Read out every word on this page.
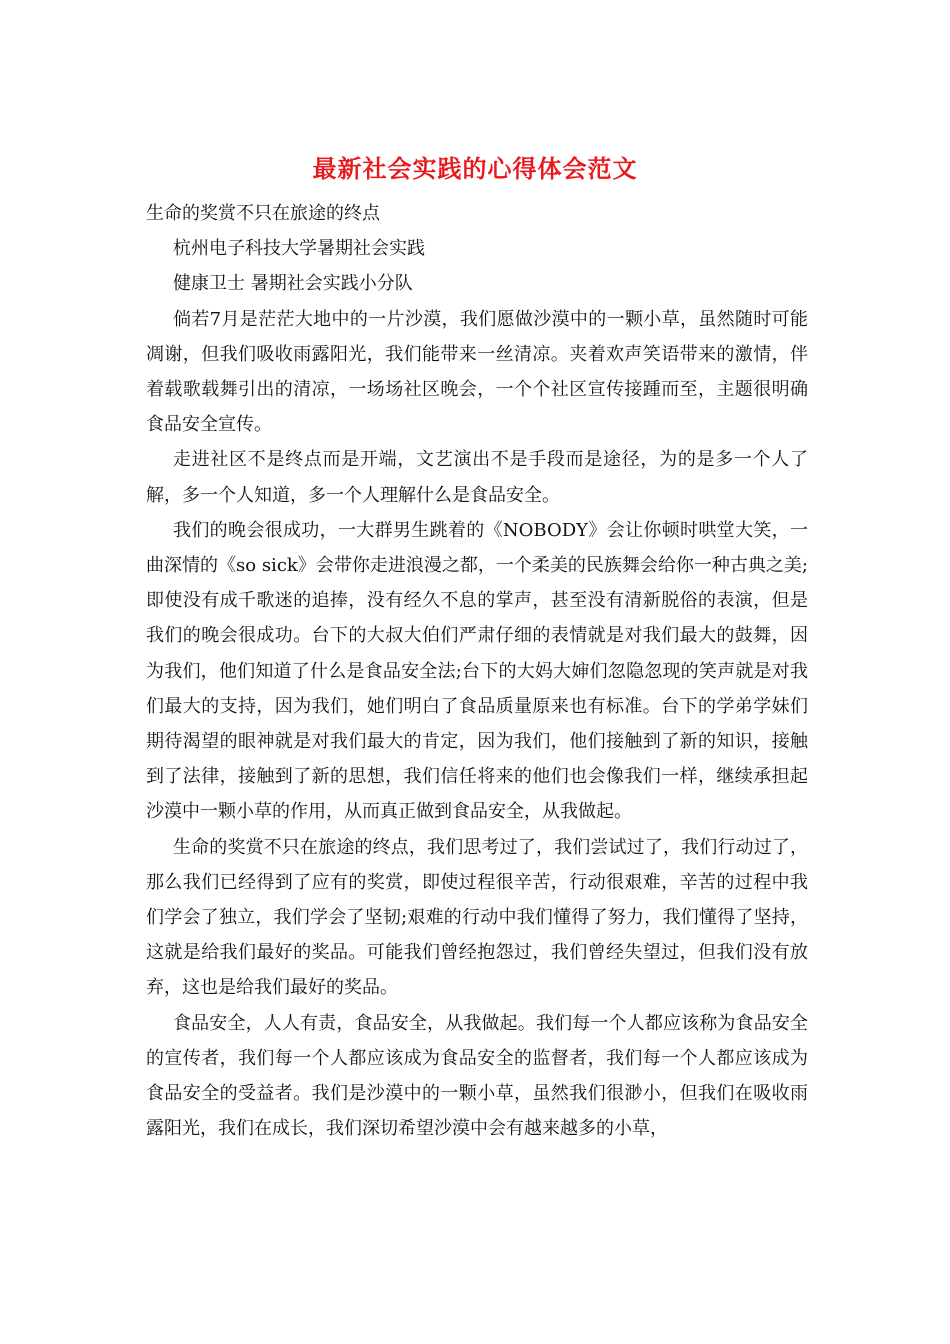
最新社会实践的心得体会范文

生命的奖赏不只在旅途的终点

杭州电子科技大学暑期社会实践

健康卫士 暑期社会实践小分队

倘若7月是茫茫大地中的一片沙漠，我们愿做沙漠中的一颗小草，虽然随时可能凋谢，但我们吸收雨露阳光，我们能带来一丝清凉。夹着欢声笑语带来的激情，伴着载歌载舞引出的清凉，一场场社区晚会，一个个社区宣传接踵而至，主题很明确食品安全宣传。

走进社区不是终点而是开端，文艺演出不是手段而是途径，为的是多一个人了解，多一个人知道，多一个人理解什么是食品安全。

我们的晚会很成功，一大群男生跳着的《NOBODY》会让你顿时哄堂大笑，一曲深情的《so sick》会带你走进浪漫之都，一个柔美的民族舞会给你一种古典之美;即使没有成千歌迷的追捧，没有经久不息的掌声，甚至没有清新脱俗的表演，但是我们的晚会很成功。台下的大叔大伯们严肃仔细的表情就是对我们最大的鼓舞，因为我们，他们知道了什么是食品安全法;台下的大妈大婶们忽隐忽现的笑声就是对我们最大的支持，因为我们，她们明白了食品质量原来也有标准。台下的学弟学妹们期待渴望的眼神就是对我们最大的肯定，因为我们，他们接触到了新的知识，接触到了法律，接触到了新的思想，我们信任将来的他们也会像我们一样，继续承担起沙漠中一颗小草的作用，从而真正做到食品安全，从我做起。

生命的奖赏不只在旅途的终点，我们思考过了，我们尝试过了，我们行动过了，那么我们已经得到了应有的奖赏，即使过程很辛苦，行动很艰难，辛苦的过程中我们学会了独立，我们学会了坚韧;艰难的行动中我们懂得了努力，我们懂得了坚持，这就是给我们最好的奖品。可能我们曾经抱怨过，我们曾经失望过，但我们没有放弃，这也是给我们最好的奖品。

食品安全，人人有责，食品安全，从我做起。我们每一个人都应该称为食品安全的宣传者，我们每一个人都应该成为食品安全的监督者，我们每一个人都应该成为食品安全的受益者。我们是沙漠中的一颗小草，虽然我们很渺小，但我们在吸收雨露阳光，我们在成长，我们深切希望沙漠中会有越来越多的小草，
